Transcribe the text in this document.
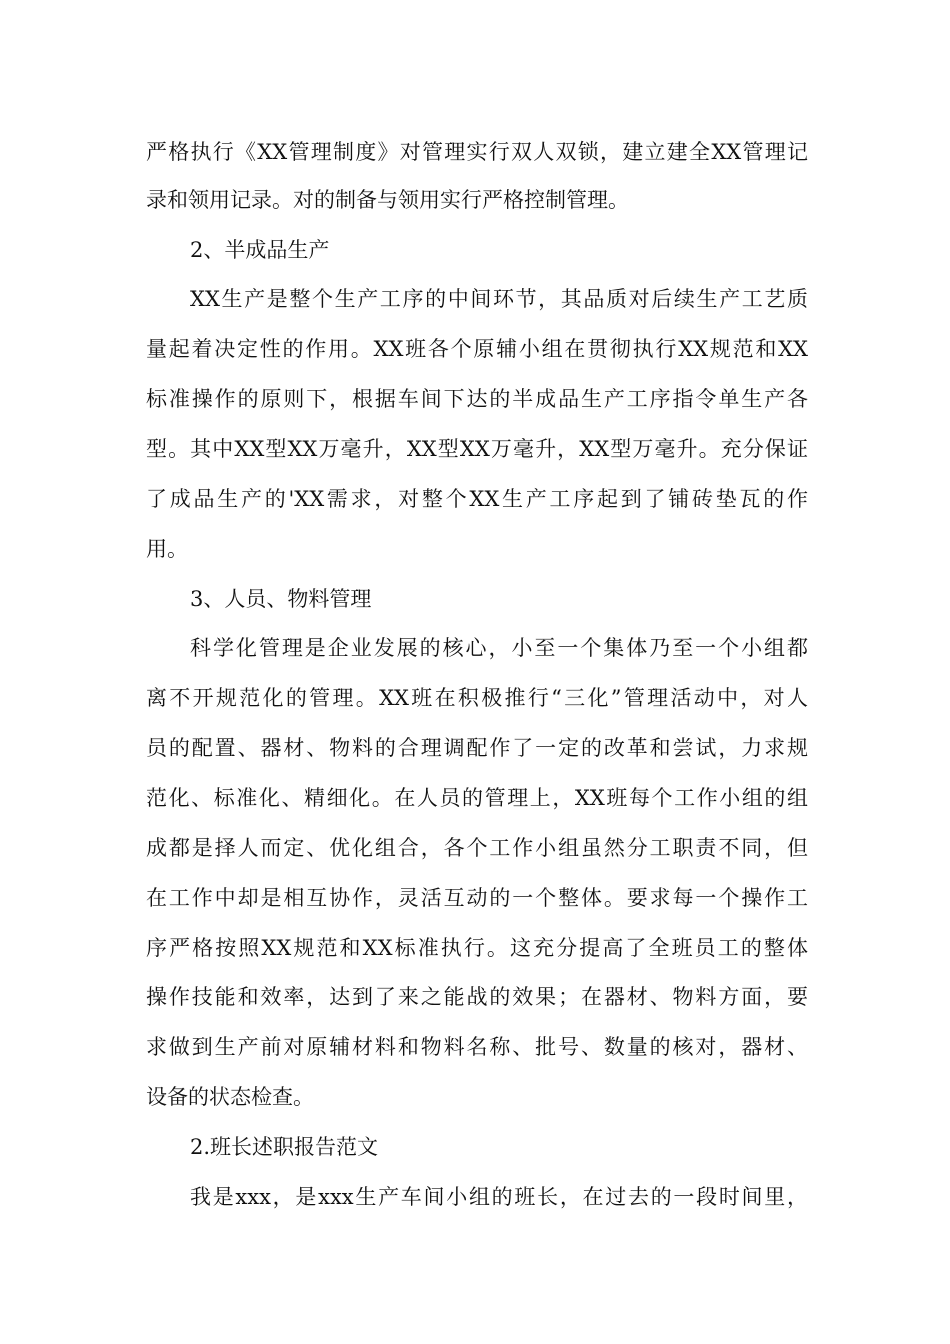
严格执行《XX管理制度》对管理实行双人双锁，建立建全XX管理记
录和领用记录。对的制备与领用实行严格控制管理。
2、半成品生产
XX生产是整个生产工序的中间环节，其品质对后续生产工艺质
量起着决定性的作用。XX班各个原辅小组在贯彻执行XX规范和XX
标准操作的原则下，根据车间下达的半成品生产工序指令单生产各
型。其中XX型XX万毫升，XX型XX万毫升，XX型万毫升。充分保证
了成品生产的'XX需求，对整个XX生产工序起到了铺砖垫瓦的作
用。
3、人员、物料管理
科学化管理是企业发展的核心，小至一个集体乃至一个小组都
离不开规范化的管理。XX班在积极推行“三化”管理活动中，对人
员的配置、器材、物料的合理调配作了一定的改革和尝试，力求规
范化、标准化、精细化。在人员的管理上，XX班每个工作小组的组
成都是择人而定、优化组合，各个工作小组虽然分工职责不同，但
在工作中却是相互协作，灵活互动的一个整体。要求每一个操作工
序严格按照XX规范和XX标准执行。这充分提高了全班员工的整体
操作技能和效率，达到了来之能战的效果；在器材、物料方面，要
求做到生产前对原辅材料和物料名称、批号、数量的核对，器材、
设备的状态检查。
2.班长述职报告范文
我是xxx，是xxx生产车间小组的班长，在过去的一段时间里，
